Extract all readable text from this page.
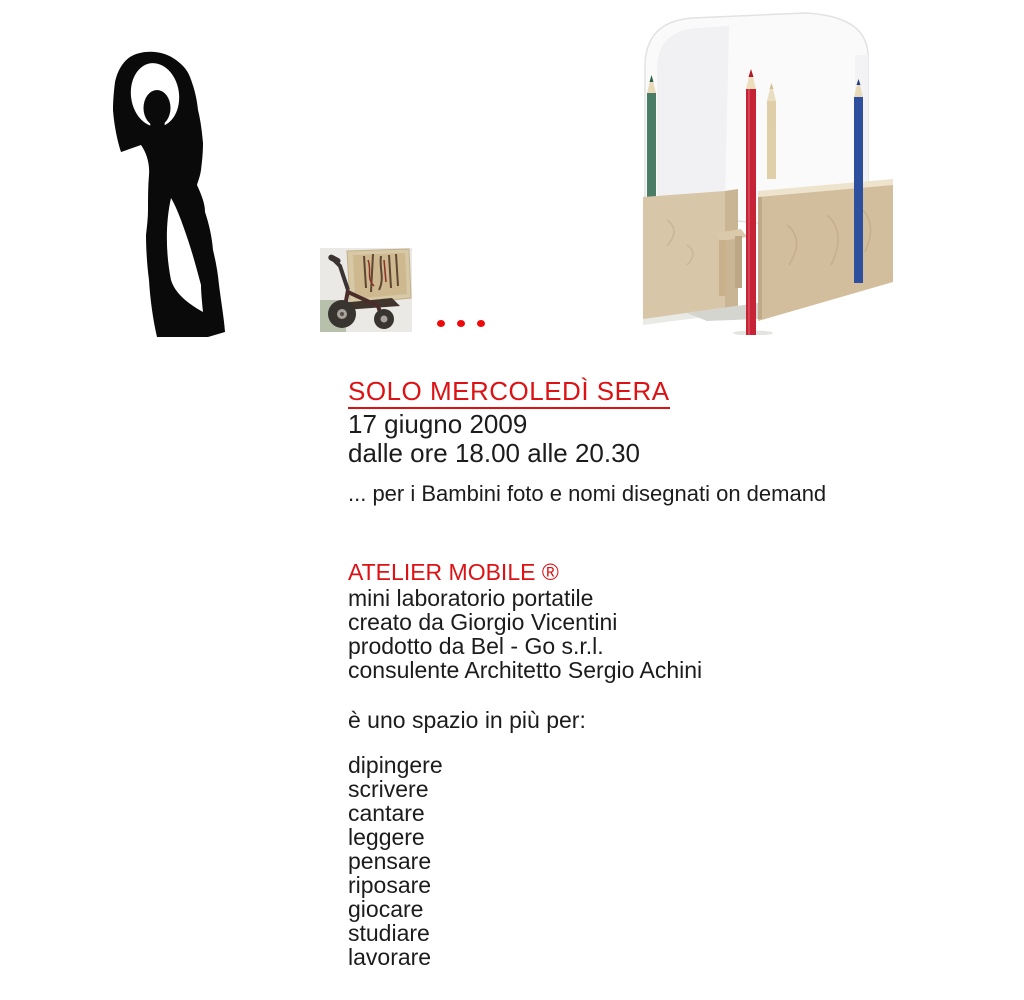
SOLO MERCOLEDÌ SERA
17 giugno 2009
dalle ore 18.00 alle 20.30
... per i Bambini foto e nomi disegnati on demand
ATELIER MOBILE ®
mini laboratorio portatile
creato da Giorgio Vicentini
prodotto da Bel - Go s.r.l.
consulente Architetto Sergio Achini
è uno spazio in più per:
dipingere
scrivere
cantare
leggere
pensare
riposare
giocare
studiare
lavorare
